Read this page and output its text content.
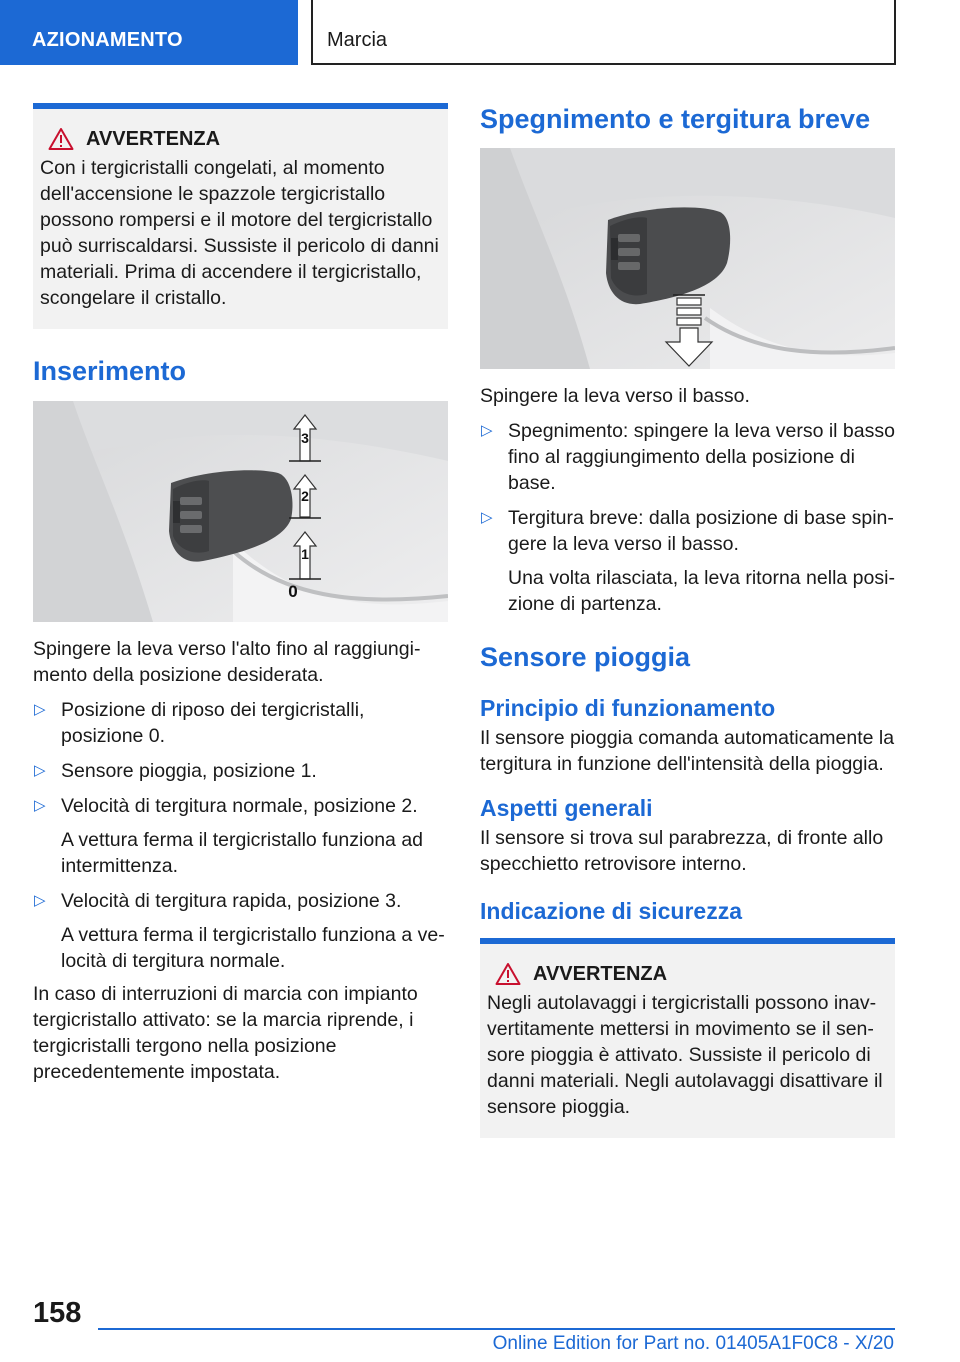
AZIONAMENTO	Marcia
AVVERTENZA

Con i tergicristalli congelati, al momento dell'accensione le spazzole tergicristallo possono rompersi e il motore del tergicristallo può surriscaldarsi. Sussiste il pericolo di danni materiali. Prima di accendere il tergicristallo, scongelare il cristallo.

Inserimento
3
2
1
0

Spingere la leva verso l'alto fino al raggiungimento della posizione desiderata.

▷ Posizione di riposo dei tergicristalli, posizione 0.
▷ Sensore pioggia, posizione 1.
▷ Velocità di tergitura normale, posizione 2.

A vettura ferma il tergicristallo funziona ad intermittenza.

▷ Velocità di tergitura rapida, posizione 3.

A vettura ferma il tergicristallo funziona a velocità di tergitura normale.

In caso di interruzioni di marcia con impianto tergicristallo attivato: se la marcia riprende, i tergicristalli tergono nella posizione precedentemente impostata.

Spegnimento e tergitura breve

Spingere la leva verso il basso.

▷ Spegnimento: spingere la leva verso il basso fino al raggiungimento della posizione di base.
▷ Tergitura breve: dalla posizione di base spingere la leva verso il basso.

Una volta rilasciata, la leva ritorna nella posizione di partenza.

Sensore pioggia
Principio di funzionamento

Il sensore pioggia comanda automaticamente la tergitura in funzione dell'intensità della pioggia.

Aspetti generali

Il sensore si trova sul parabrezza, di fronte allo specchietto retrovisore interno.

Indicazione di sicurezza
AVVERTENZA

Negli autolavaggi i tergicristalli possono inavvertitamente mettersi in movimento se il sensore pioggia è attivato. Sussiste il pericolo di danni materiali. Negli autolavaggi disattivare il sensore pioggia.

158
Online Edition for Part no. 01405A1F0C8 - X/20
